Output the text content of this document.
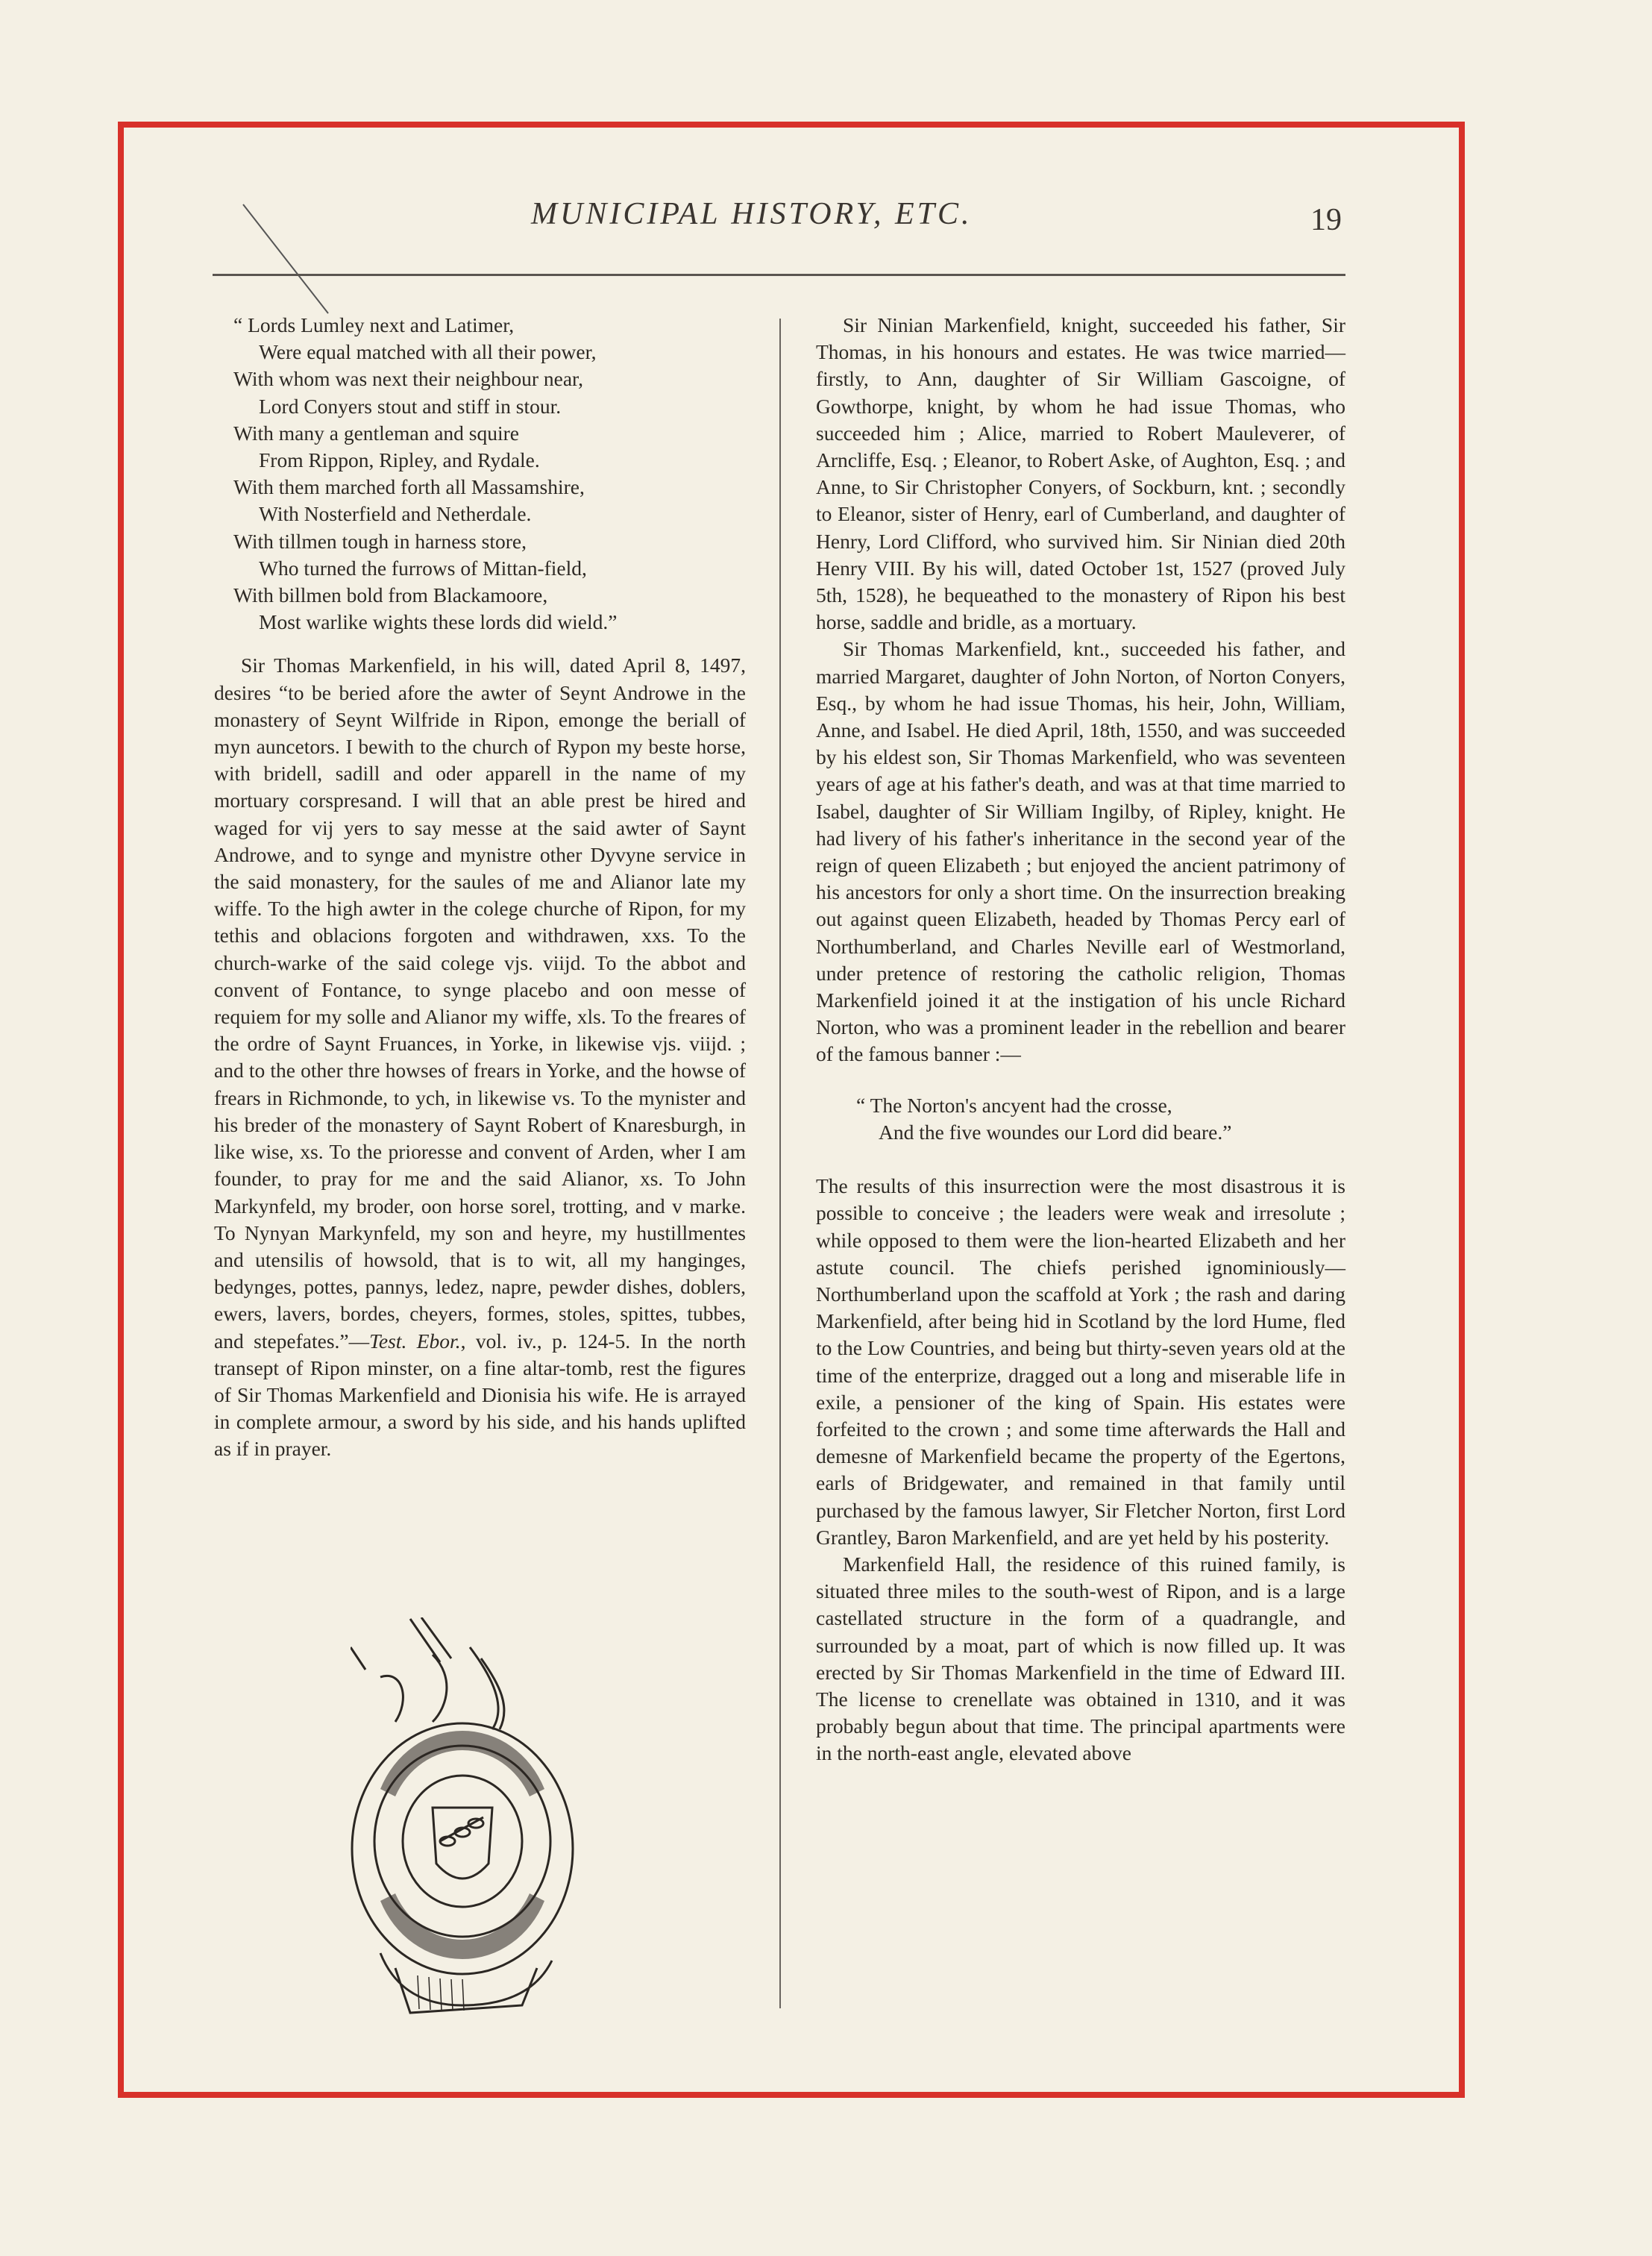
MUNICIPAL HISTORY, ETC.	19
“ Lords Lumley next and Latimer,
Were equal matched with all their power,
With whom was next their neighbour near,
Lord Conyers stout and stiff in stour.
With many a gentleman and squire
From Rippon, Ripley, and Rydale.
With them marched forth all Massamshire,
With Nosterfield and Netherdale.
With tillmen tough in harness store,
Who turned the furrows of Mittan-field,
With billmen bold from Blackamoore,
Most warlike wights these lords did wield.”

Sir Thomas Markenfield, in his will, dated April 8, 1497, desires “to be beried afore the awter of Seynt Androwe in the monastery of Seynt Wilfride in Ripon, emonge the beriall of myn auncetors. I bewith to the church of Rypon my beste horse, with bridell, sadill and oder apparell in the name of my mortuary corspresand. I will that an able prest be hired and waged for vij yers to say messe at the said awter of Saynt Androwe, and to synge and mynistre other Dyvyne service in the said monastery, for the saules of me and Alianor late my wiffe. To the high awter in the colege churche of Ripon, for my tethis and oblacions forgoten and withdrawen, xxs. To the church-warke of the said colege vjs. viijd. To the abbot and convent of Fontance, to synge placebo and oon messe of requiem for my solle and Alianor my wiffe, xls. To the freares of the ordre of Saynt Fruances, in Yorke, in likewise vjs. viijd. ; and to the other thre howses of frears in Yorke, and the howse of frears in Richmonde, to ych, in likewise vs. To the mynister and his breder of the monastery of Saynt Robert of Knaresburgh, in like wise, xs. To the prioresse and convent of Arden, wher I am founder, to pray for me and the said Alianor, xs. To John Markynfeld, my broder, oon horse sorel, trotting, and v marke. To Nynyan Markynfeld, my son and heyre, my hustillmentes and utensilis of howsold, that is to wit, all my hanginges, bedynges, pottes, pannys, ledez, napre, pewder dishes, doblers, ewers, lavers, bordes, cheyers, formes, stoles, spittes, tubbes, and stepefates.”—Test. Ebor., vol. iv., p. 124-5. In the north transept of Ripon minster, on a fine altar-tomb, rest the figures of Sir Thomas Markenfield and Dionisia his wife. He is arrayed in complete armour, a sword by his side, and his hands uplifted as if in prayer.

Sir Ninian Markenfield, knight, succeeded his father, Sir Thomas, in his honours and estates. He was twice married—firstly, to Ann, daughter of Sir William Gascoigne, of Gowthorpe, knight, by whom he had issue Thomas, who succeeded him ; Alice, married to Robert Mauleverer, of Arncliffe, Esq. ; Eleanor, to Robert Aske, of Aughton, Esq. ; and Anne, to Sir Christopher Conyers, of Sockburn, knt. ; secondly to Eleanor, sister of Henry, earl of Cumberland, and daughter of Henry, Lord Clifford, who survived him. Sir Ninian died 20th Henry VIII. By his will, dated October 1st, 1527 (proved July 5th, 1528), he bequeathed to the monastery of Ripon his best horse, saddle and bridle, as a mortuary.

Sir Thomas Markenfield, knt., succeeded his father, and married Margaret, daughter of John Norton, of Norton Conyers, Esq., by whom he had issue Thomas, his heir, John, William, Anne, and Isabel. He died April, 18th, 1550, and was succeeded by his eldest son, Sir Thomas Markenfield, who was seventeen years of age at his father's death, and was at that time married to Isabel, daughter of Sir William Ingilby, of Ripley, knight. He had livery of his father's inheritance in the second year of the reign of queen Elizabeth ; but enjoyed the ancient patrimony of his ancestors for only a short time. On the insurrection breaking out against queen Elizabeth, headed by Thomas Percy earl of Northumberland, and Charles Neville earl of Westmorland, under pretence of restoring the catholic religion, Thomas Markenfield joined it at the instigation of his uncle Richard Norton, who was a prominent leader in the rebellion and bearer of the famous banner :—

“ The Norton's ancyent had the crosse,
And the five woundes our Lord did beare.”

The results of this insurrection were the most disastrous it is possible to conceive ; the leaders were weak and irresolute ; while opposed to them were the lion-hearted Elizabeth and her astute council. The chiefs perished ignominiously—Northumberland upon the scaffold at York ; the rash and daring Markenfield, after being hid in Scotland by the lord Hume, fled to the Low Countries, and being but thirty-seven years old at the time of the enterprize, dragged out a long and miserable life in exile, a pensioner of the king of Spain. His estates were forfeited to the crown ; and some time afterwards the Hall and demesne of Markenfield became the property of the Egertons, earls of Bridgewater, and remained in that family until purchased by the famous lawyer, Sir Fletcher Norton, first Lord Grantley, Baron Markenfield, and are yet held by his posterity.

Markenfield Hall, the residence of this ruined family, is situated three miles to the south-west of Ripon, and is a large castellated structure in the form of a quadrangle, and surrounded by a moat, part of which is now filled up. It was erected by Sir Thomas Markenfield in the time of Edward III. The license to crenellate was obtained in 1310, and it was probably begun about that time. The principal apartments were in the north-east angle, elevated above
